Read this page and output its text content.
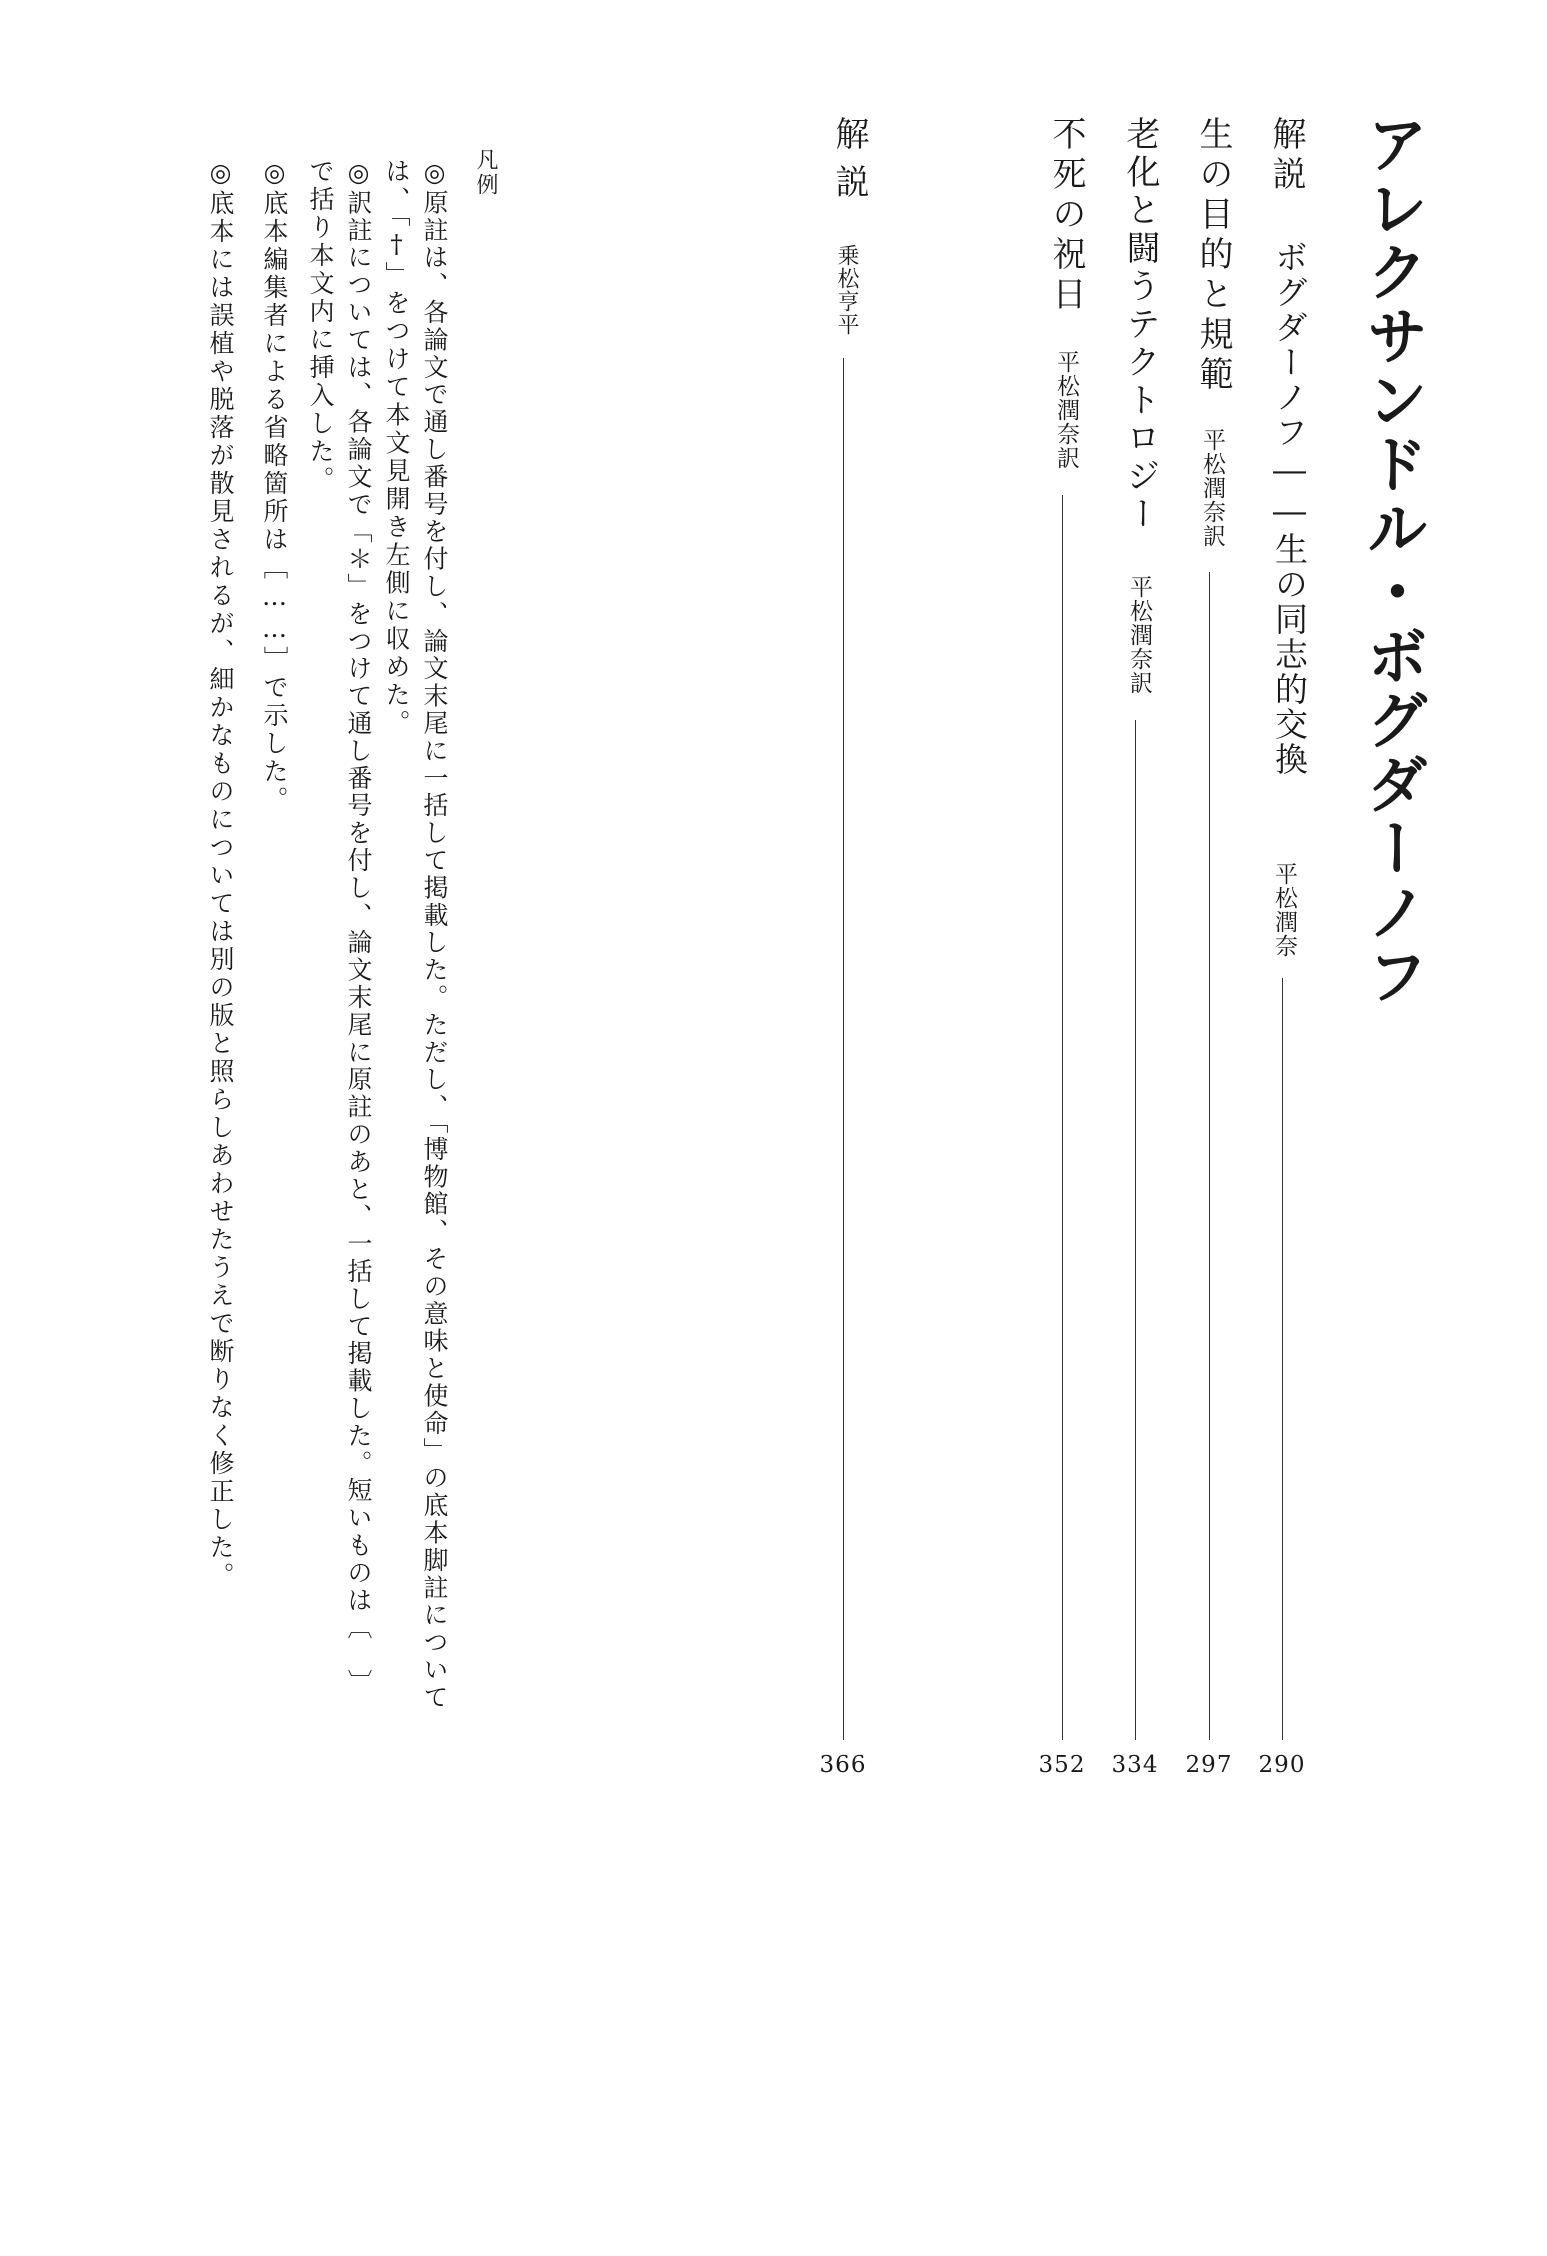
アレクサンドル・ボグダーノフ
解説
ボグダーノフ――生の同志的交換
平松潤奈
290
生の目的と規範
平松潤奈訳
297
老化と闘うテクトロジー
平松潤奈訳
334
不死の祝日
平松潤奈訳
352
解説
乗松亨平
366
凡例
◎原註は、各論文で通し番号を付し、論文末尾に一括して掲載した。ただし、「博物館、その意味と使命」の底本脚註について
は、「†」をつけて本文見開き左側に収めた。
◎訳註については、各論文で「＊」をつけて通し番号を付し、論文末尾に原註のあと、一括して掲載した。短いものは〔　〕
で括り本文内に挿入した。
◎底本編集者による省略箇所は［……］で示した。
◎底本には誤植や脱落が散見されるが、細かなものについては別の版と照らしあわせたうえで断りなく修正した。
